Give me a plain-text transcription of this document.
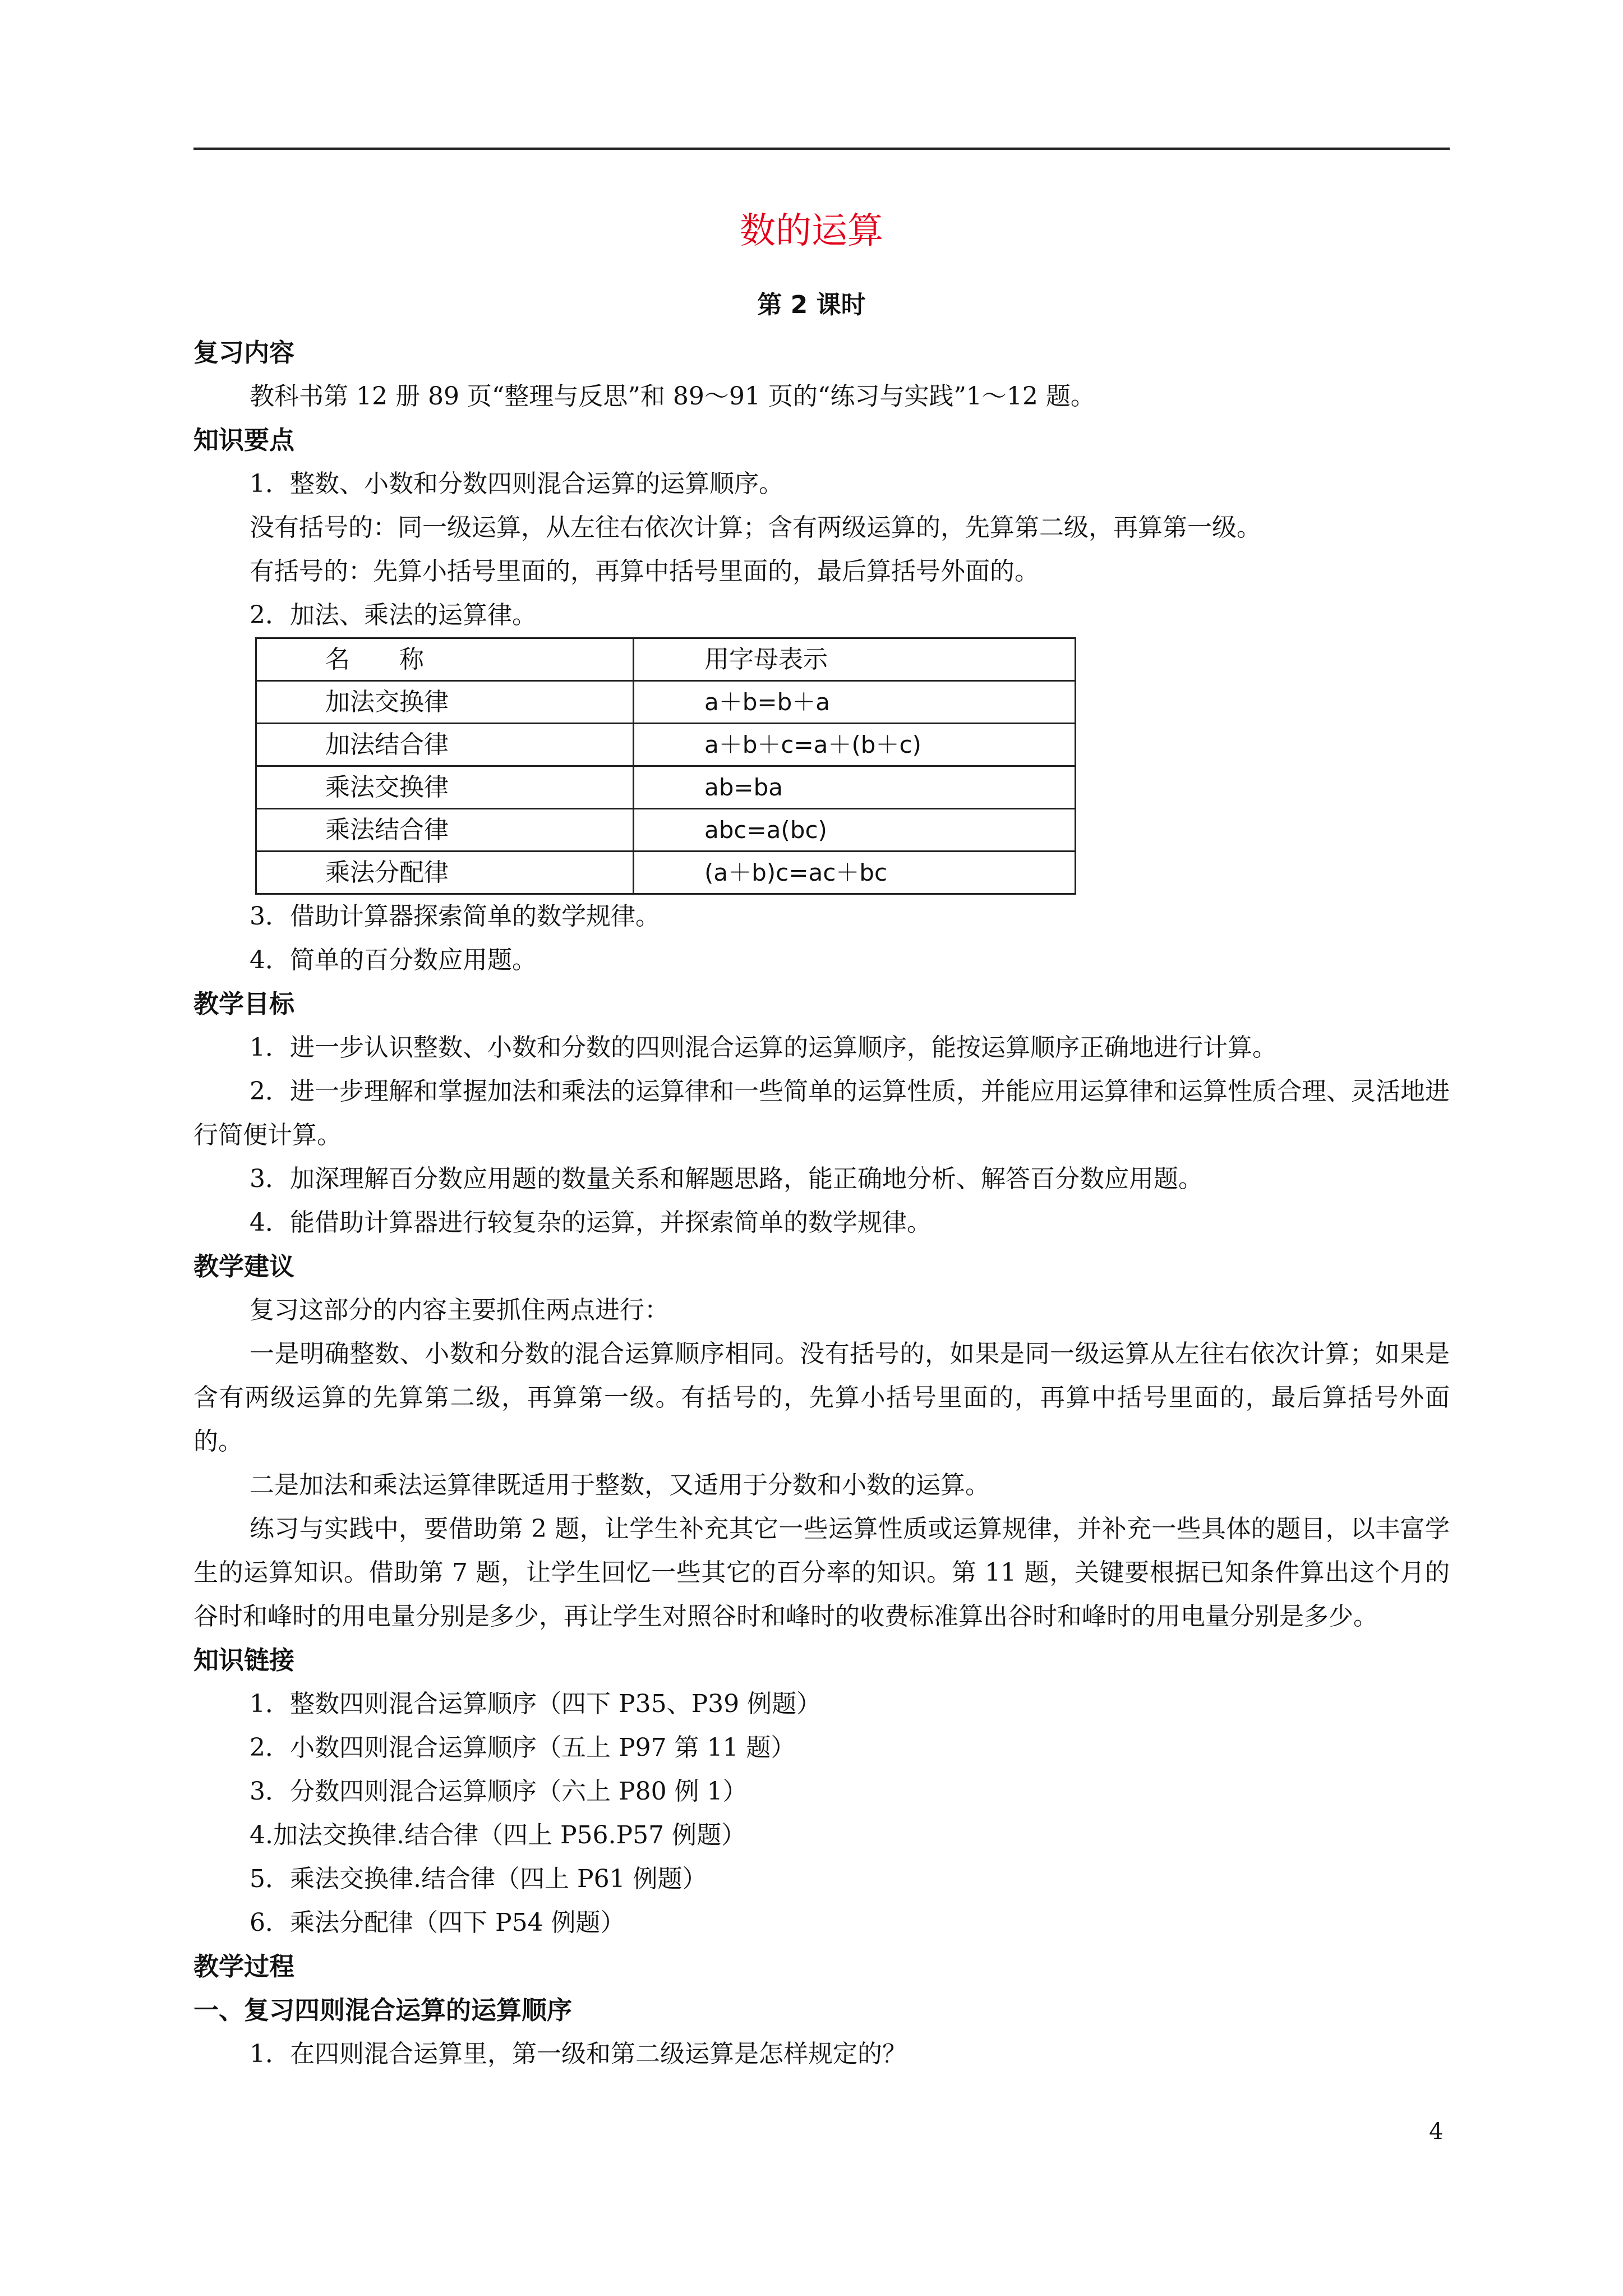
数的运算
第 2 课时

复习内容

教科书第 12 册 89 页“整理与反思”和 89～91 页的“练习与实践”1～12 题。

知识要点

1．整数、小数和分数四则混合运算的运算顺序。

没有括号的：同一级运算，从左往右依次计算；含有两级运算的，先算第二级，再算第一级。

有括号的：先算小括号里面的，再算中括号里面的，最后算括号外面的。

2．加法、乘法的运算律。

名　　称	用字母表示
加法交换律	a＋b=b＋a
加法结合律	a＋b＋c=a＋(b＋c)
乘法交换律	ab=ba
乘法结合律	abc=a(bc)
乘法分配律	(a＋b)c=ac＋bc

3．借助计算器探索简单的数学规律。

4．简单的百分数应用题。

教学目标

1．进一步认识整数、小数和分数的四则混合运算的运算顺序，能按运算顺序正确地进行计算。

2．进一步理解和掌握加法和乘法的运算律和一些简单的运算性质，并能应用运算律和运算性质合理、灵活地进行简便计算。

3．加深理解百分数应用题的数量关系和解题思路，能正确地分析、解答百分数应用题。

4．能借助计算器进行较复杂的运算，并探索简单的数学规律。

教学建议

复习这部分的内容主要抓住两点进行：

一是明确整数、小数和分数的混合运算顺序相同。没有括号的，如果是同一级运算从左往右依次计算；如果是含有两级运算的先算第二级，再算第一级。有括号的，先算小括号里面的，再算中括号里面的，最后算括号外面的。

二是加法和乘法运算律既适用于整数，又适用于分数和小数的运算。

练习与实践中，要借助第 2 题，让学生补充其它一些运算性质或运算规律，并补充一些具体的题目，以丰富学生的运算知识。借助第 7 题，让学生回忆一些其它的百分率的知识。第 11 题，关键要根据已知条件算出这个月的谷时和峰时的用电量分别是多少，再让学生对照谷时和峰时的收费标准算出谷时和峰时的用电量分别是多少。

知识链接

1．整数四则混合运算顺序（四下 P35、P39 例题）

2．小数四则混合运算顺序（五上 P97 第 11 题）

3．分数四则混合运算顺序（六上 P80 例 1）

4.加法交换律.结合律（四上 P56.P57 例题）

5．乘法交换律.结合律（四上 P61 例题）

6．乘法分配律（四下 P54 例题）

教学过程

一、复习四则混合运算的运算顺序

1．在四则混合运算里，第一级和第二级运算是怎样规定的？

4
